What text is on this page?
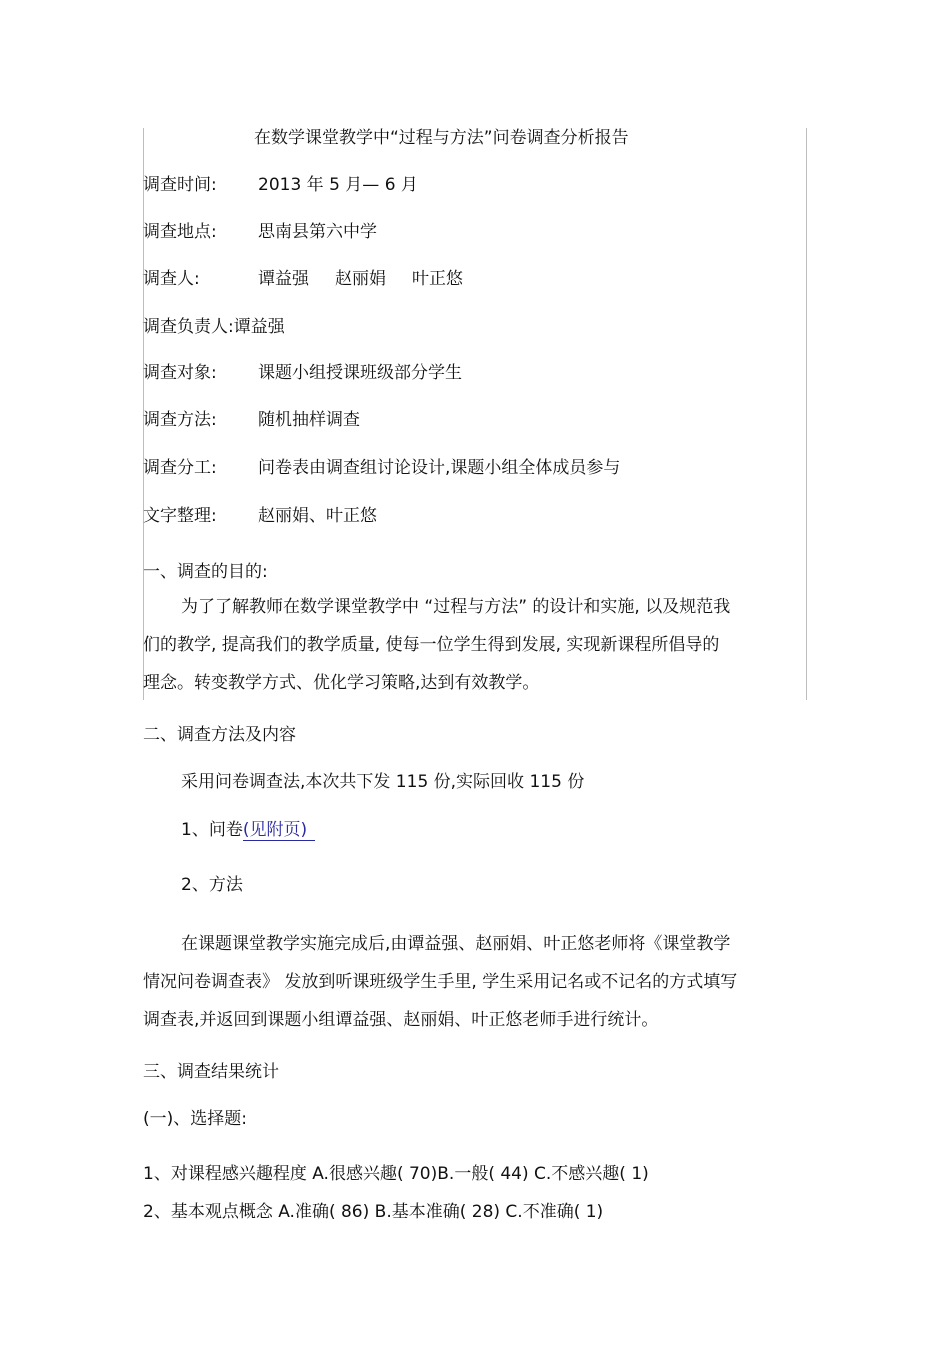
在数学课堂教学中“过程与方法”问卷调查分析报告
调查时间: 2013 年 5 月— 6 月
调查地点: 思南县第六中学
调查人:	谭益强 赵丽娟 叶正悠
调查负责人:谭益强
调查对象: 课题小组授课班级部分学生
调查方法: 随机抽样调查
调查分工: 问卷表由调查组讨论设计,课题小组全体成员参与
文字整理: 赵丽娟、叶正悠
一、调查的目的:
为了了解教师在数学课堂教学中 “过程与方法” 的设计和实施, 以及规范我
们的教学, 提高我们的教学质量, 使每一位学生得到发展, 实现新课程所倡导的
理念。转变教学方式、优化学习策略,达到有效教学。
二、调查方法及内容
采用问卷调查法,本次共下发 115 份,实际回收 115 份
1、问卷(见附页)
2、方法
在课题课堂教学实施完成后,由谭益强、赵丽娟、叶正悠老师将《课堂教学
情况问卷调查表》 发放到听课班级学生手里, 学生采用记名或不记名的方式填写
调查表,并返回到课题小组谭益强、赵丽娟、叶正悠老师手进行统计。
三、调查结果统计
(一)、选择题:
1、对课程感兴趣程度 A.很感兴趣( 70)B.一般( 44) C.不感兴趣( 1)
2、基本观点概念 A.准确( 86) B.基本准确( 28) C.不准确( 1)
